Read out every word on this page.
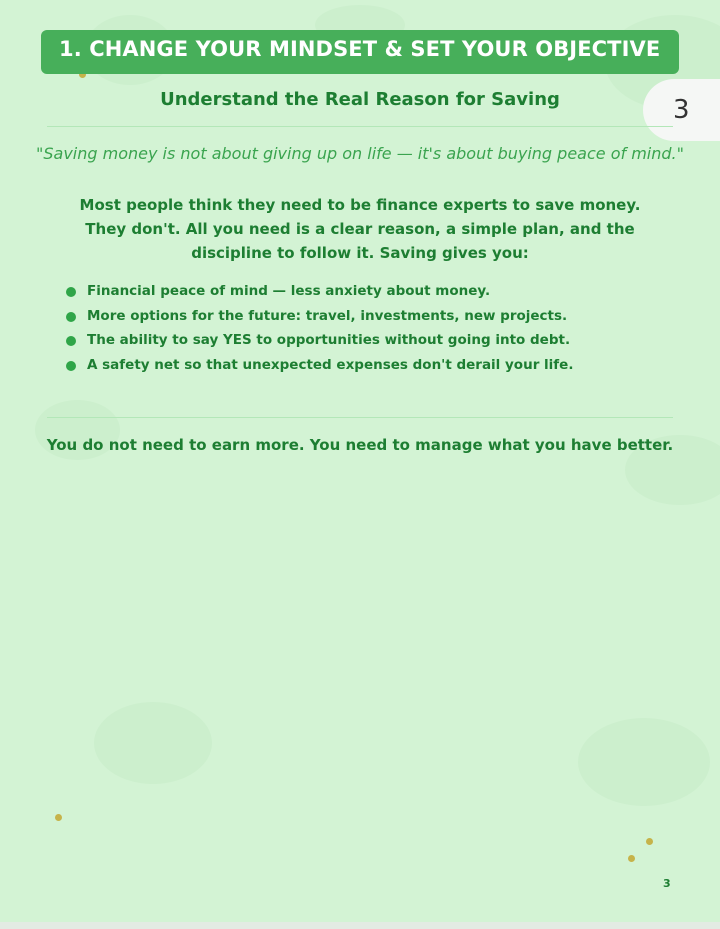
1. CHANGE YOUR MINDSET & SET YOUR OBJECTIVE
3
Understand the Real Reason for Saving
"Saving money is not about giving up on life — it's about buying peace of mind."
Most people think they need to be finance experts to save money. They don't. All you need is a clear reason, a simple plan, and the discipline to follow it. Saving gives you:
Financial peace of mind — less anxiety about money.
More options for the future: travel, investments, new projects.
The ability to say YES to opportunities without going into debt.
A safety net so that unexpected expenses don't derail your life.
You do not need to earn more. You need to manage what you have better.
3
